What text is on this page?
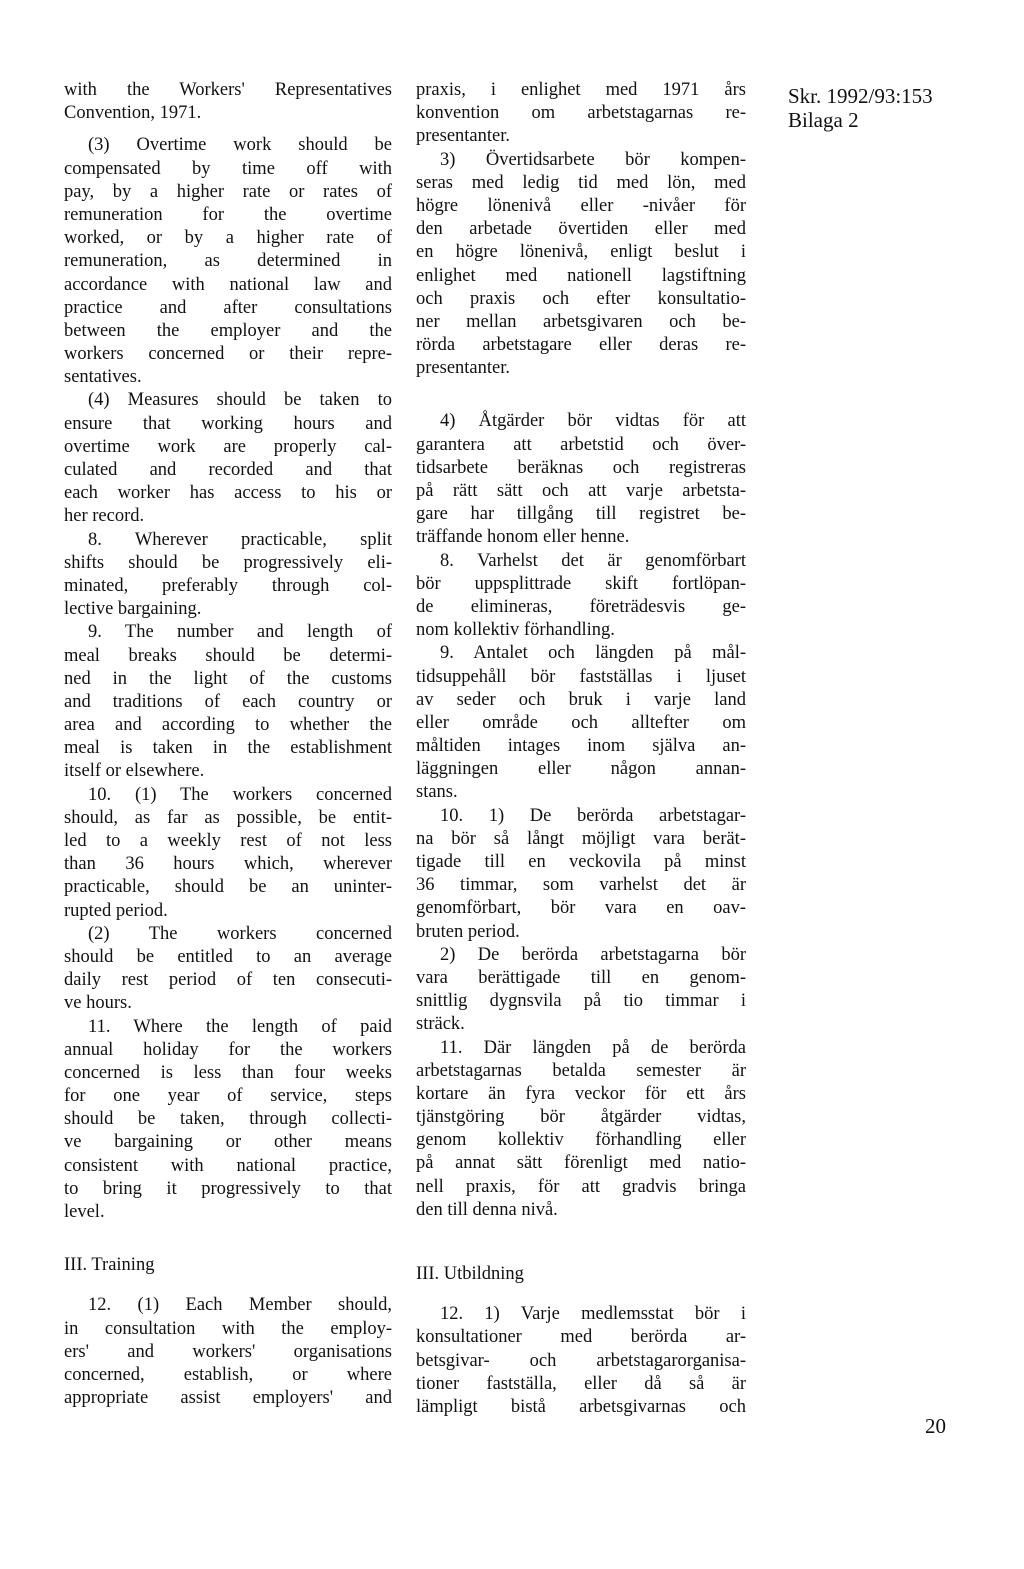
Skr. 1992/93:153
Bilaga 2
with the Workers' Representatives
Convention, 1971.
(3) Overtime work should be
compensated by time off with
pay, by a higher rate or rates of
remuneration for the overtime
worked, or by a higher rate of
remuneration, as determined in
accordance with national law and
practice and after consultations
between the employer and the
workers concerned or their repre-
sentatives.
(4) Measures should be taken to
ensure that working hours and
overtime work are properly cal-
culated and recorded and that
each worker has access to his or
her record.
8. Wherever practicable, split
shifts should be progressively eli-
minated, preferably through col-
lective bargaining.
9. The number and length of
meal breaks should be determi-
ned in the light of the customs
and traditions of each country or
area and according to whether the
meal is taken in the establishment
itself or elsewhere.
10. (1) The workers concerned
should, as far as possible, be entit-
led to a weekly rest of not less
than 36 hours which, wherever
practicable, should be an uninter-
rupted period.
(2) The workers concerned
should be entitled to an average
daily rest period of ten consecuti-
ve hours.
11. Where the length of paid
annual holiday for the workers
concerned is less than four weeks
for one year of service, steps
should be taken, through collecti-
ve bargaining or other means
consistent with national practice,
to bring it progressively to that
level.
III. Training
12. (1) Each Member should,
in consultation with the employ-
ers' and workers' organisations
concerned, establish, or where
appropriate assist employers' and
praxis, i enlighet med 1971 års
konvention om arbetstagarnas re-
presentanter.
3) Övertidsarbete bör kompen-
seras med ledig tid med lön, med
högre lönenivå eller -nivåer för
den arbetade övertiden eller med
en högre lönenivå, enligt beslut i
enlighet med nationell lagstiftning
och praxis och efter konsultatio-
ner mellan arbetsgivaren och be-
rörda arbetstagare eller deras re-
presentanter.
4) Åtgärder bör vidtas för att
garantera att arbetstid och över-
tidsarbete beräknas och registreras
på rätt sätt och att varje arbetsta-
gare har tillgång till registret be-
träffande honom eller henne.
8. Varhelst det är genomförbart
bör uppsplittrade skift fortlöpan-
de elimineras, företrädesvis ge-
nom kollektiv förhandling.
9. Antalet och längden på mål-
tidsuppehåll bör fastställas i ljuset
av seder och bruk i varje land
eller område och alltefter om
måltiden intages inom själva an-
läggningen eller någon annan-
stans.
10. 1) De berörda arbetstagar-
na bör så långt möjligt vara berät-
tigade till en veckovila på minst
36 timmar, som varhelst det är
genomförbart, bör vara en oav-
bruten period.
2) De berörda arbetstagarna bör
vara berättigade till en genom-
snittlig dygnsvila på tio timmar i
sträck.
11. Där längden på de berörda
arbetstagarnas betalda semester är
kortare än fyra veckor för ett års
tjänstgöring bör åtgärder vidtas,
genom kollektiv förhandling eller
på annat sätt förenligt med natio-
nell praxis, för att gradvis bringa
den till denna nivå.
III. Utbildning
12. 1) Varje medlemsstat bör i
konsultationer med berörda ar-
betsgivar- och arbetstagarorganisa-
tioner fastställa, eller då så är
lämpligt bistå arbetsgivarnas och
20
